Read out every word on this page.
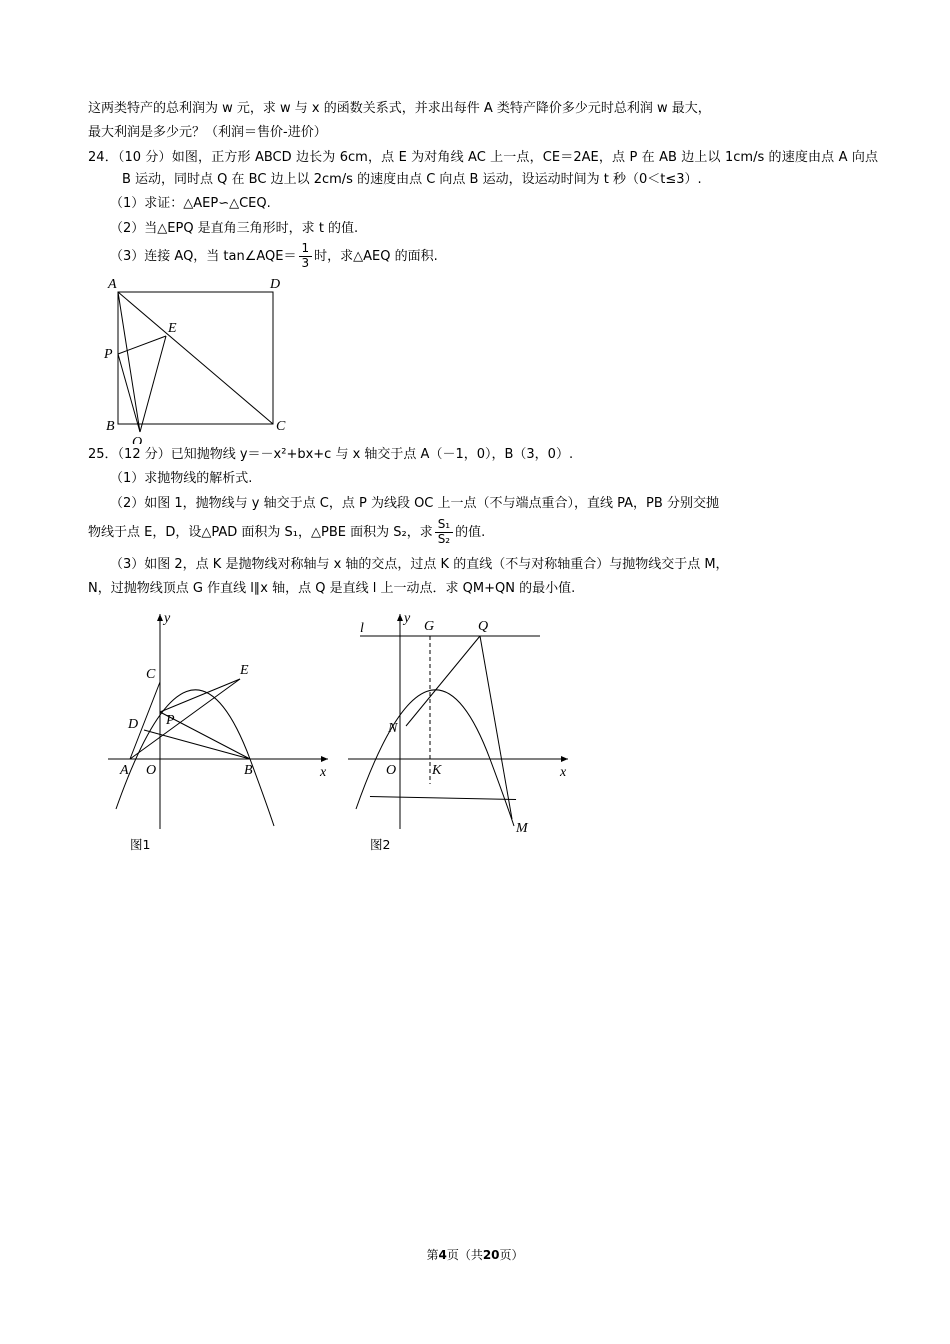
这两类特产的总利润为 w 元，求 w 与 x 的函数关系式，并求出每件 A 类特产降价多少元时总利润 w 最大，
最大利润是多少元？（利润＝售价‐进价）
24．（10 分）如图，正方形 ABCD 边长为 6cm，点 E 为对角线 AC 上一点，CE＝2AE，点 P 在 AB 边上以 1cm/s 的速度由点 A 向点 B 运动，同时点 Q 在 BC 边上以 2cm/s 的速度由点 C 向点 B 运动，设运动时间为 t 秒（0＜t≤3）.
（1）求证：△AEP∽△CEQ.
（2）当△EPQ 是直角三角形时，求 t 的值.
（3）连接 AQ，当 tan∠AQE＝ $\frac{1}{3}$ 时，求△AEQ 的面积.
A	D
E
P
B	C
Q
25．（12 分）已知抛物线 y＝－x²+bx+c 与 x 轴交于点 A（－1，0），B（3，0）.
（1）求抛物线的解析式.
（2）如图 1，抛物线与 y 轴交于点 C，点 P 为线段 OC 上一点（不与端点重合），直线 PA，PB 分别交抛
物线于点 E，D，设△PAD 面积为 S₁，△PBE 面积为 S₂，求 $\frac{\text{S₁}}{\text{S₂}}$ 的值.
（3）如图 2，点 K 是抛物线对称轴与 x 轴的交点，过点 K 的直线（不与对称轴重合）与抛物线交于点 M，
N，过抛物线顶点 G 作直线 l∥x 轴，点 Q 是直线 l 上一动点．求 QM+QN 的最小值.
y
C	E
D P
A O	B	x
图1
y
l	G	Q
N
O	K	x
M
图2
第4页（共20页）
